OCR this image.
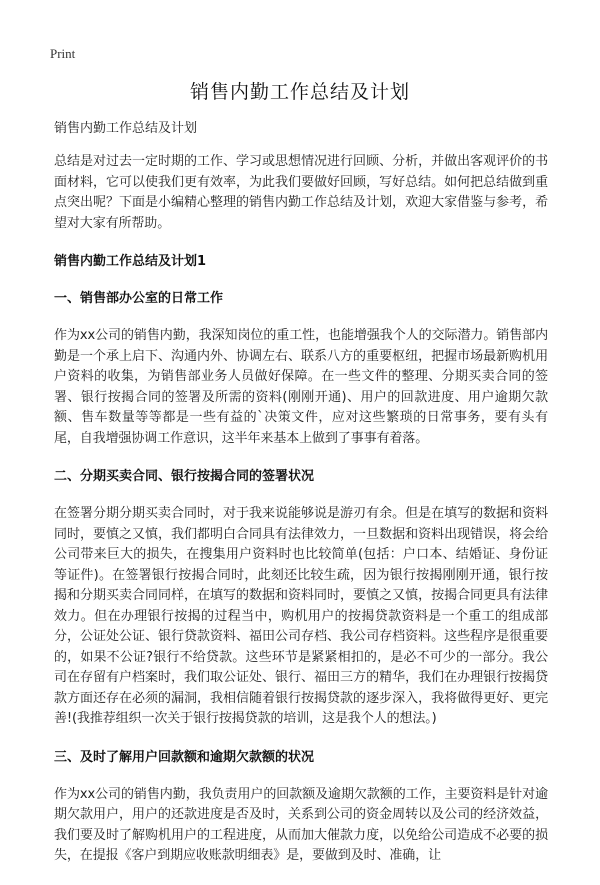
Print
销售内勤工作总结及计划
销售内勤工作总结及计划

总结是对过去一定时期的工作、学习或思想情况进行回顾、分析，并做出客观评价的书面材料，它可以使我们更有效率，为此我们要做好回顾，写好总结。如何把总结做到重点突出呢？下面是小编精心整理的销售内勤工作总结及计划，欢迎大家借鉴与参考，希望对大家有所帮助。

销售内勤工作总结及计划1
一、销售部办公室的日常工作

作为xx公司的销售内勤，我深知岗位的重工性，也能增强我个人的交际潜力。销售部内勤是一个承上启下、沟通内外、协调左右、联系八方的重要枢纽，把握市场最新购机用户资料的收集，为销售部业务人员做好保障。在一些文件的整理、分期买卖合同的签署、银行按揭合同的签署及所需的资料(刚刚开通)、用户的回款进度、用户逾期欠款额、售车数量等等都是一些有益的`决策文件，应对这些繁琐的日常事务，要有头有尾，自我增强协调工作意识，这半年来基本上做到了事事有着落。

二、分期买卖合同、银行按揭合同的签署状况

在签署分期分期买卖合同时，对于我来说能够说是游刃有余。但是在填写的数据和资料同时，要慎之又慎，我们都明白合同具有法律效力，一旦数据和资料出现错误，将会给公司带来巨大的损失，在搜集用户资料时也比较简单(包括：户口本、结婚证、身份证等证件)。在签署银行按揭合同时，此刻还比较生疏，因为银行按揭刚刚开通，银行按揭和分期买卖合同同样，在填写的数据和资料同时，要慎之又慎，按揭合同更具有法律效力。但在办理银行按揭的过程当中，购机用户的按揭贷款资料是一个重工的组成部分，公证处公证、银行贷款资料、福田公司存档、我公司存档资料。这些程序是很重要的，如果不公证?银行不给贷款。这些环节是紧紧相扣的，是必不可少的一部分。我公司在存留有户档案时，我们取公证处、银行、福田三方的精华，我们在办理银行按揭贷款方面还存在必须的漏洞，我相信随着银行按揭贷款的逐步深入，我将做得更好、更完善!(我推荐组织一次关于银行按揭贷款的培训，这是我个人的想法。)

三、及时了解用户回款额和逾期欠款额的状况

作为xx公司的销售内勤，我负责用户的回款额及逾期欠款额的工作，主要资料是针对逾期欠款用户，用户的还款进度是否及时，关系到公司的资金周转以及公司的经济效益，我们要及时了解购机用户的工程进度，从而加大催款力度，以免给公司造成不必要的损失，在提报《客户到期应收账款明细表》是，要做到及时、准确，让
